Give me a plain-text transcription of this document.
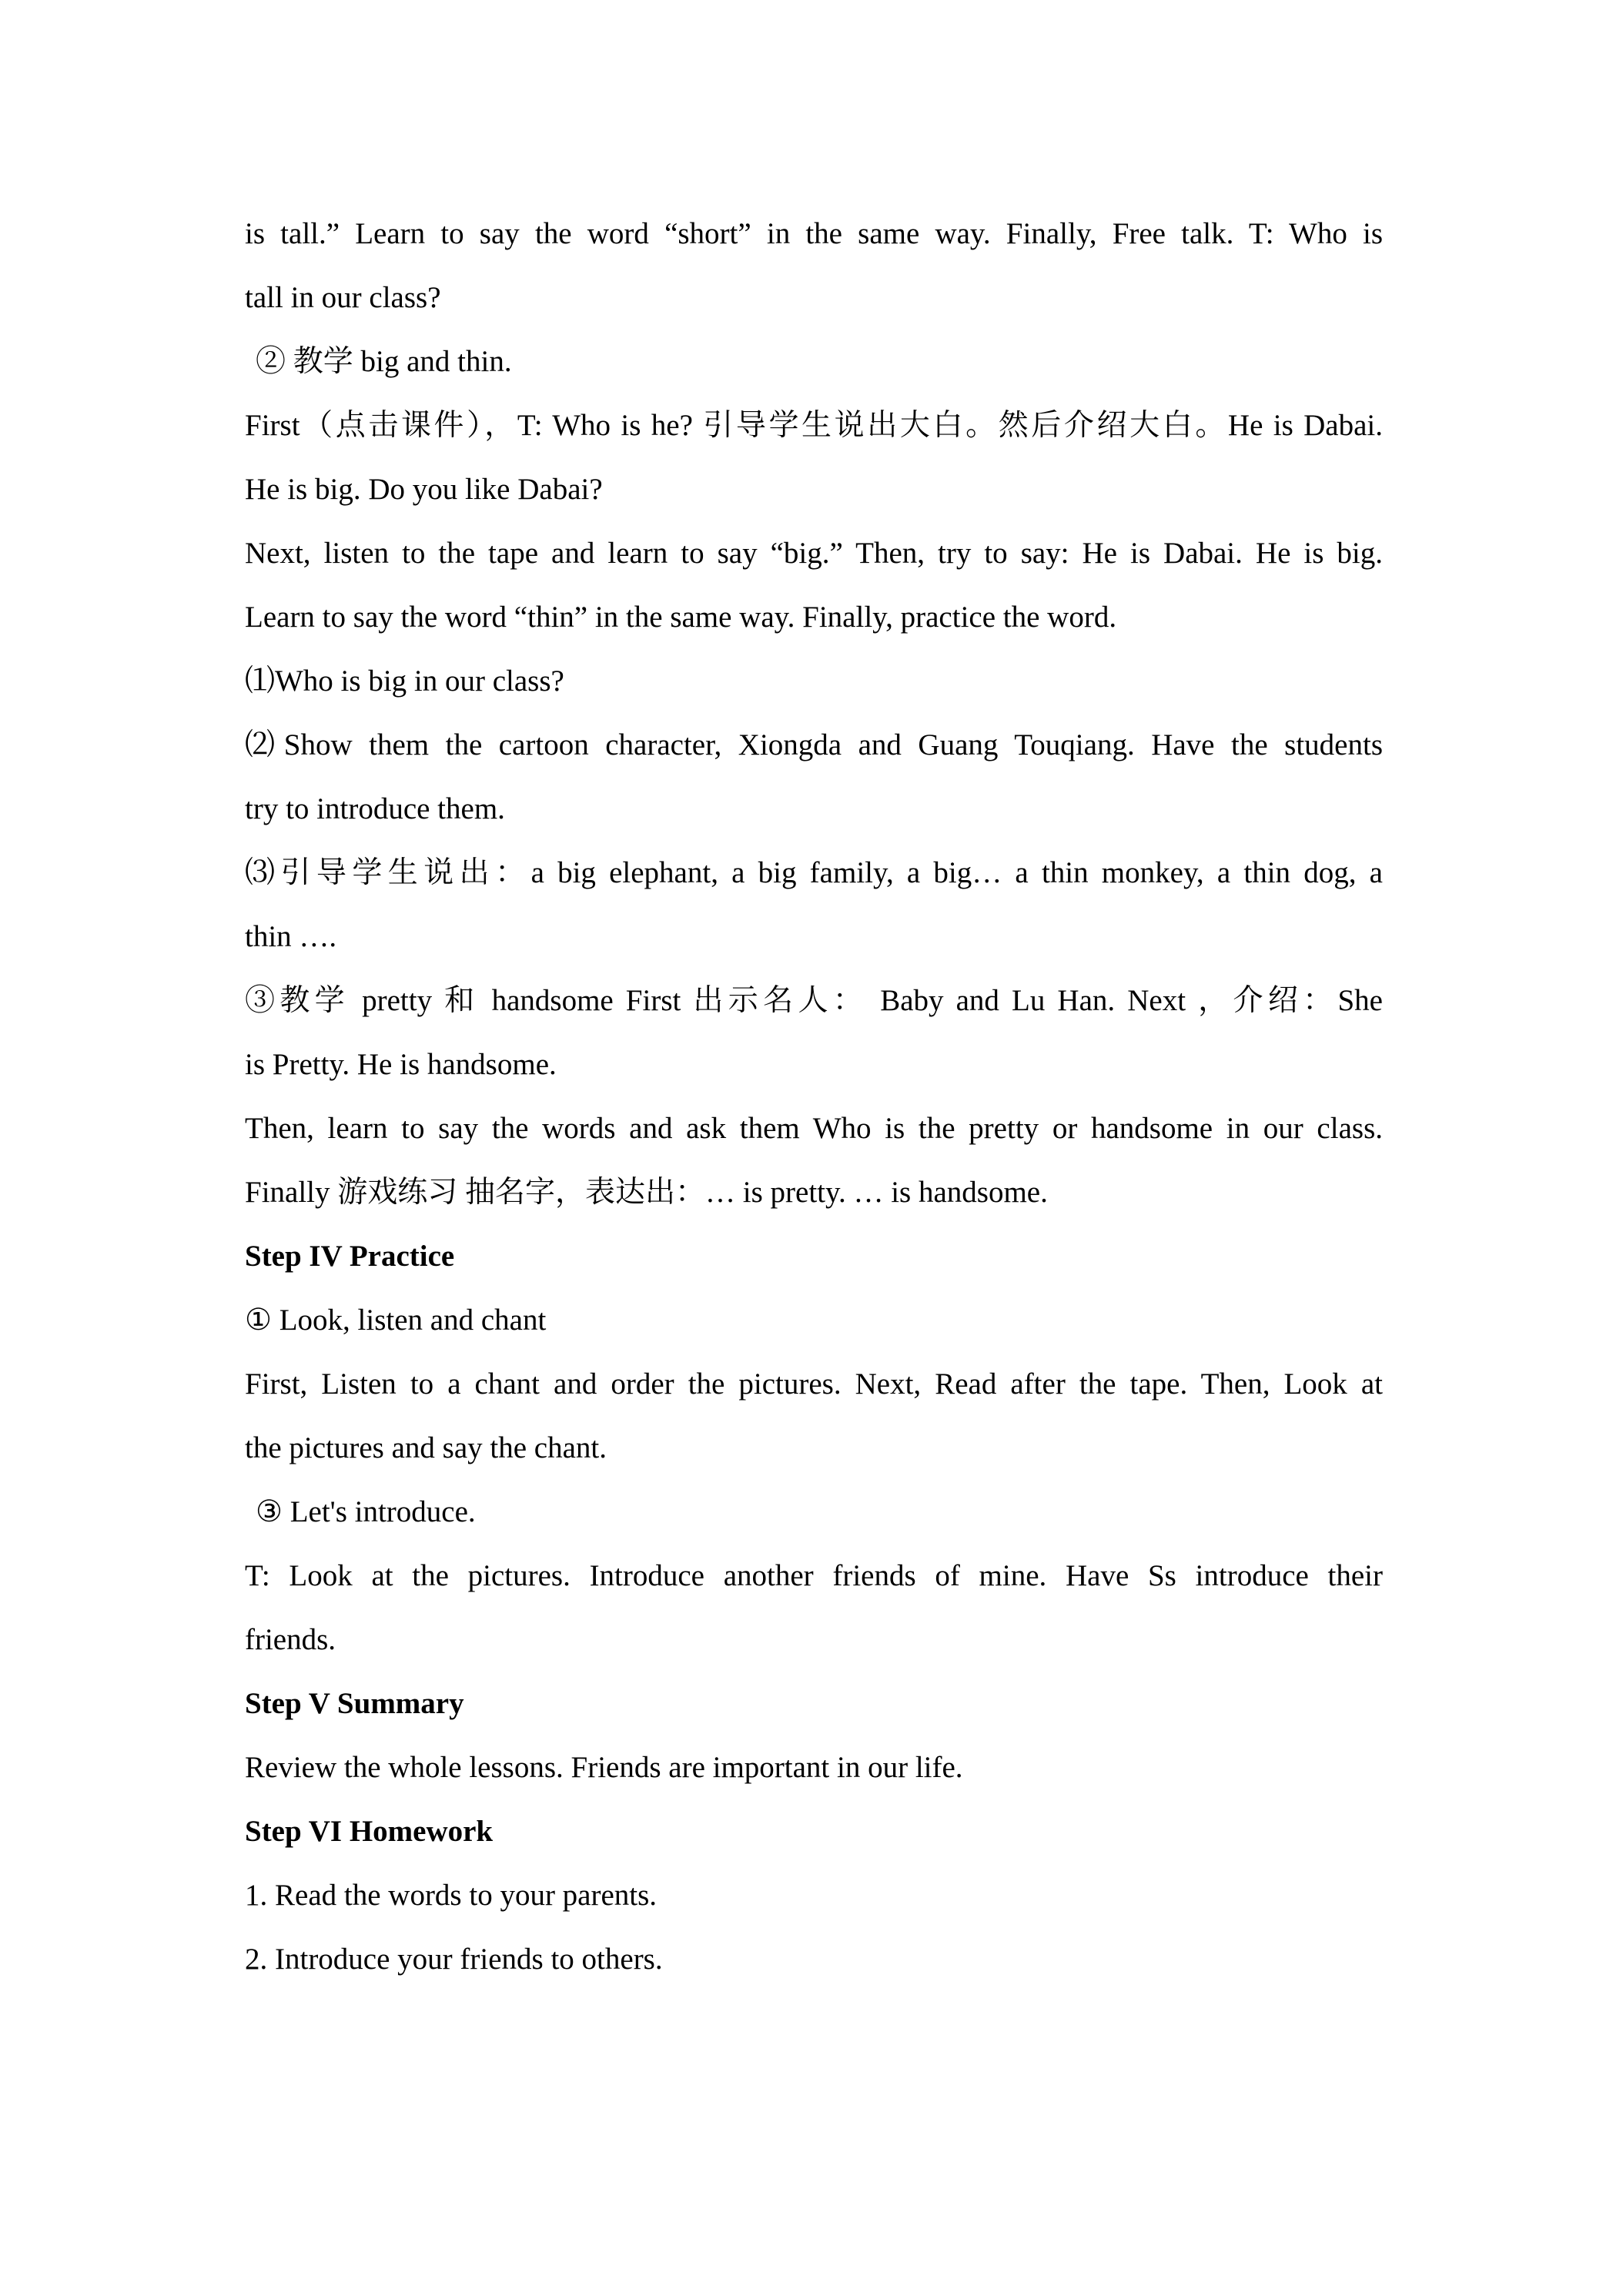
is tall.” Learn to say the word “short” in the same way. Finally, Free talk. T: Who is
tall in our class?
② 教学 big and thin.
First（点击课件），T: Who is he? 引导学生说出大白。然后介绍大白。He is Dabai.
He is big. Do you like Dabai?
Next, listen to the tape and learn to say “big.” Then, try to say: He is Dabai. He is big.
Learn to say the word “thin” in the same way. Finally, practice the word.
⑴Who is big in our class?
⑵Show them the cartoon character, Xiongda and Guang Touqiang. Have the students
try to introduce them.
⑶引导学生说出：a big elephant, a big family, a big… a thin monkey, a thin dog, a
thin ….
③教学 pretty 和 handsome First 出示名人： Baby and Lu Han. Next ，介绍：She
is Pretty. He is handsome.
Then, learn to say the words and ask them Who is the pretty or handsome in our class.
Finally 游戏练习 抽名字，表达出：… is pretty. … is handsome.
Step IV Practice
① Look, listen and chant
First, Listen to a chant and order the pictures. Next, Read after the tape. Then, Look at
the pictures and say the chant.
③ Let's introduce.
T: Look at the pictures. Introduce another friends of mine. Have Ss introduce their
friends.
Step V Summary
Review the whole lessons. Friends are important in our life.
Step VI Homework
1. Read the words to your parents.
2. Introduce your friends to others.
